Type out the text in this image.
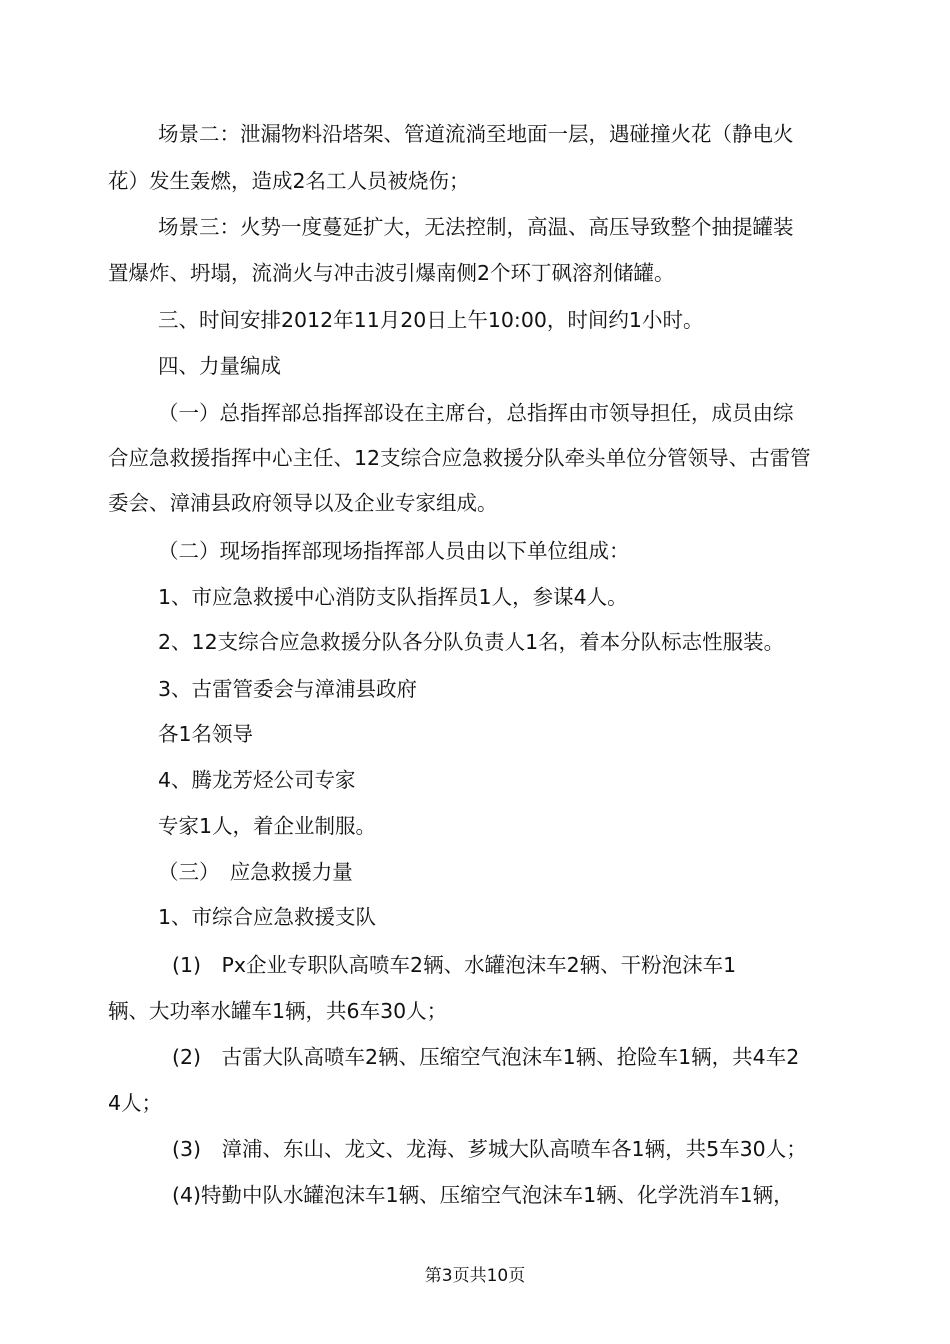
场景二：泄漏物料沿塔架、管道流淌至地面一层，遇碰撞火花（静电火
花）发生轰燃，造成2名工人员被烧伤；
场景三：火势一度蔓延扩大，无法控制，高温、高压导致整个抽提罐装
置爆炸、坍塌，流淌火与冲击波引爆南侧2个环丁砜溶剂储罐。
三、时间安排2012年11月20日上午10:00，时间约1小时。
四、力量编成
（一）总指挥部总指挥部设在主席台，总指挥由市领导担任，成员由综
合应急救援指挥中心主任、12支综合应急救援分队牵头单位分管领导、古雷管
委会、漳浦县政府领导以及企业专家组成。
（二）现场指挥部现场指挥部人员由以下单位组成：
1、市应急救援中心消防支队指挥员1人，参谋4人。
2、12支综合应急救援分队各分队负责人1名，着本分队标志性服装。
3、古雷管委会与漳浦县政府
各1名领导
4、腾龙芳烃公司专家
专家1人，着企业制服。
（三）　应急救援力量
1、市综合应急救援支队
(1)　Px企业专职队高喷车2辆、水罐泡沫车2辆、干粉泡沫车1
辆、大功率水罐车1辆，共6车30人；
(2)　古雷大队高喷车2辆、压缩空气泡沫车1辆、抢险车1辆，共4车2
4人；
(3)　漳浦、东山、龙文、龙海、芗城大队高喷车各1辆，共5车30人；
(4)特勤中队水罐泡沫车1辆、压缩空气泡沫车1辆、化学洗消车1辆，
第3页共10页
